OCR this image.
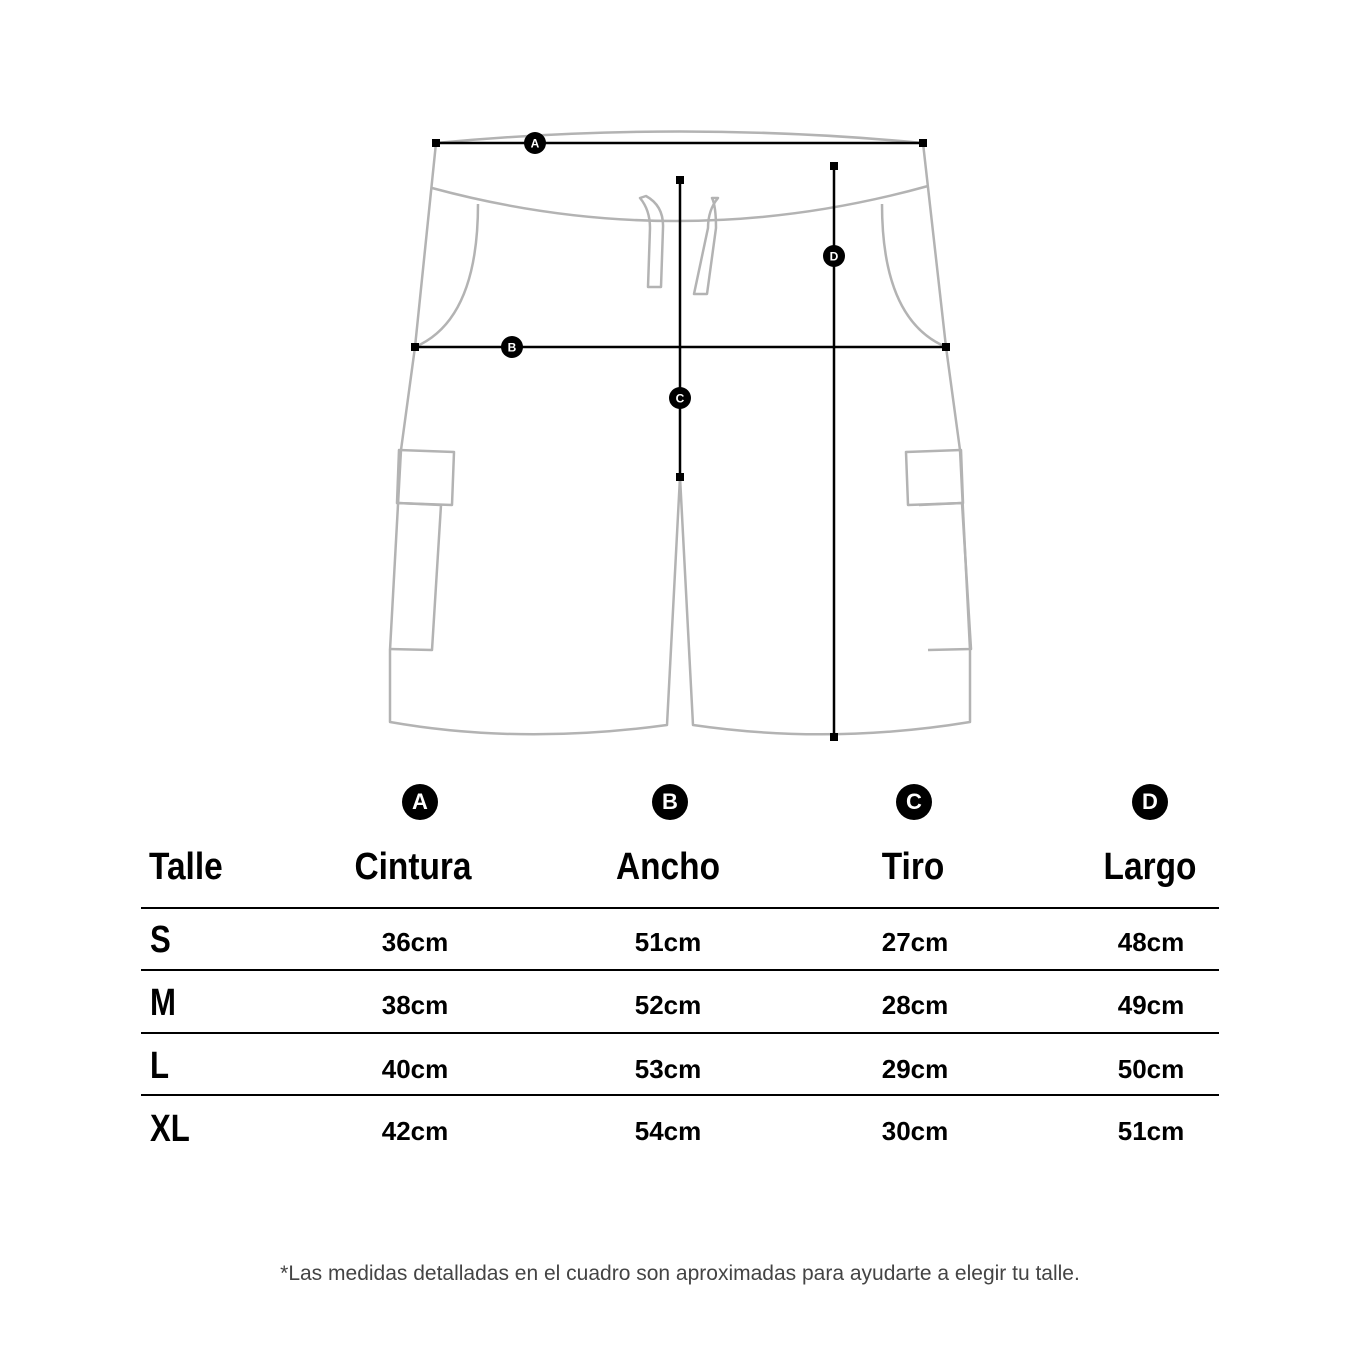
A
B
C
D
A	B	C	D
Talle	Cintura	Ancho	Tiro	Largo
S	36cm	51cm	27cm	48cm
M	38cm	52cm	28cm	49cm
L	40cm	53cm	29cm	50cm
XL	42cm	54cm	30cm	51cm
*Las medidas detalladas en el cuadro son aproximadas para ayudarte a elegir tu talle.
